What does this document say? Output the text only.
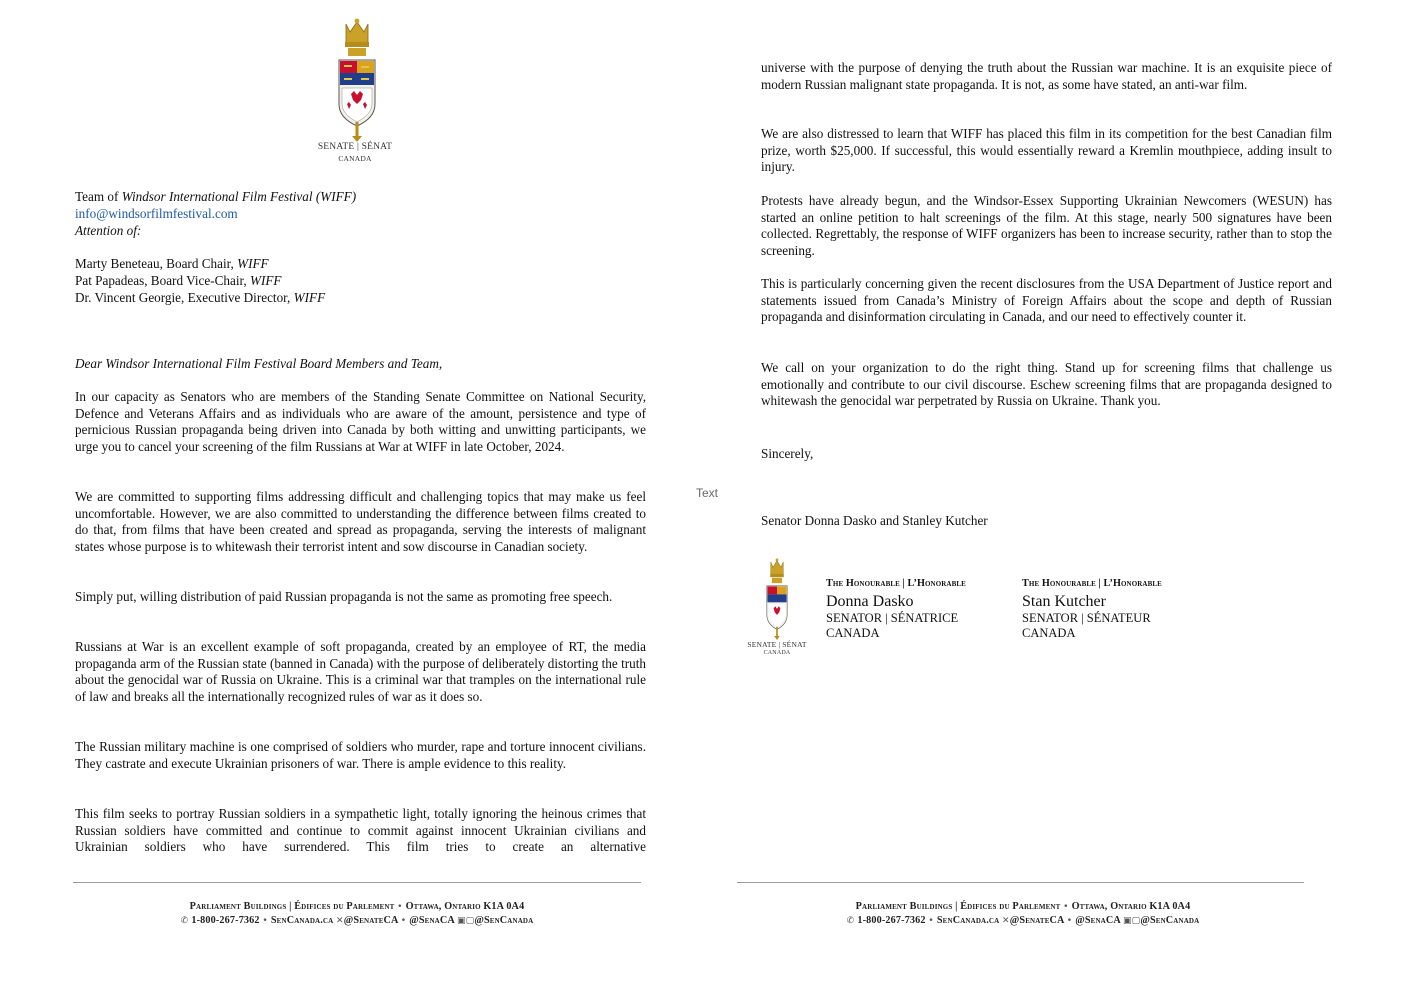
SENATE | SÉNAT
CANADA
Team of Windsor International Film Festival (WIFF)
info@windsorfilmfestival.com
Attention of:
Marty Beneteau, Board Chair, WIFF
Pat Papadeas, Board Vice-Chair, WIFF
Dr. Vincent Georgie, Executive Director, WIFF
Dear Windsor International Film Festival Board Members and Team,
In our capacity as Senators who are members of the Standing Senate Committee on National Security, Defence and Veterans Affairs and as individuals who are aware of the amount, persistence and type of pernicious Russian propaganda being driven into Canada by both witting and unwitting participants, we urge you to cancel your screening of the film Russians at War at WIFF in late October, 2024.
We are committed to supporting films addressing difficult and challenging topics that may make us feel uncomfortable. However, we are also committed to understanding the difference between films created to do that, from films that have been created and spread as propaganda, serving the interests of malignant states whose purpose is to whitewash their terrorist intent and sow discourse in Canadian society.
Simply put, willing distribution of paid Russian propaganda is not the same as promoting free speech.
Russians at War is an excellent example of soft propaganda, created by an employee of RT, the media propaganda arm of the Russian state (banned in Canada) with the purpose of deliberately distorting the truth about the genocidal war of Russia on Ukraine. This is a criminal war that tramples on the international rule of law and breaks all the internationally recognized rules of war as it does so.
The Russian military machine is one comprised of soldiers who murder, rape and torture innocent civilians. They castrate and execute Ukrainian prisoners of war. There is ample evidence to this reality.
This film seeks to portray Russian soldiers in a sympathetic light, totally ignoring the heinous crimes that Russian soldiers have committed and continue to commit against innocent Ukrainian civilians and Ukrainian soldiers who have surrendered. This film tries to create an alternative
Parliament Buildings | Édifices du Parlement • Ottawa, Ontario K1A 0A4
✆ 1-800-267-7362 • SenCanada.ca ✕@SenateCA • @SenaCA ▣▢@SenCanada
universe with the purpose of denying the truth about the Russian war machine. It is an exquisite piece of modern Russian malignant state propaganda. It is not, as some have stated, an anti-war film.
We are also distressed to learn that WIFF has placed this film in its competition for the best Canadian film prize, worth $25,000. If successful, this would essentially reward a Kremlin mouthpiece, adding insult to injury.
Protests have already begun, and the Windsor-Essex Supporting Ukrainian Newcomers (WESUN) has started an online petition to halt screenings of the film. At this stage, nearly 500 signatures have been collected. Regrettably, the response of WIFF organizers has been to increase security, rather than to stop the screening.
This is particularly concerning given the recent disclosures from the USA Department of Justice report and statements issued from Canada’s Ministry of Foreign Affairs about the scope and depth of Russian propaganda and disinformation circulating in Canada, and our need to effectively counter it.
We call on your organization to do the right thing. Stand up for screening films that challenge us emotionally and contribute to our civil discourse. Eschew screening films that are propaganda designed to whitewash the genocidal war perpetrated by Russia on Ukraine. Thank you.
Sincerely,
Senator Donna Dasko and Stanley Kutcher
Text
SENATE | SÉNAT
CANADA
The Honourable | L’Honorable
Donna Dasko
SENATOR | SÉNATRICE
CANADA
The Honourable | L’Honorable
Stan Kutcher
SENATOR | SÉNATEUR
CANADA
Parliament Buildings | Édifices du Parlement • Ottawa, Ontario K1A 0A4
✆ 1-800-267-7362 • SenCanada.ca ✕@SenateCA • @SenaCA ▣▢@SenCanada
